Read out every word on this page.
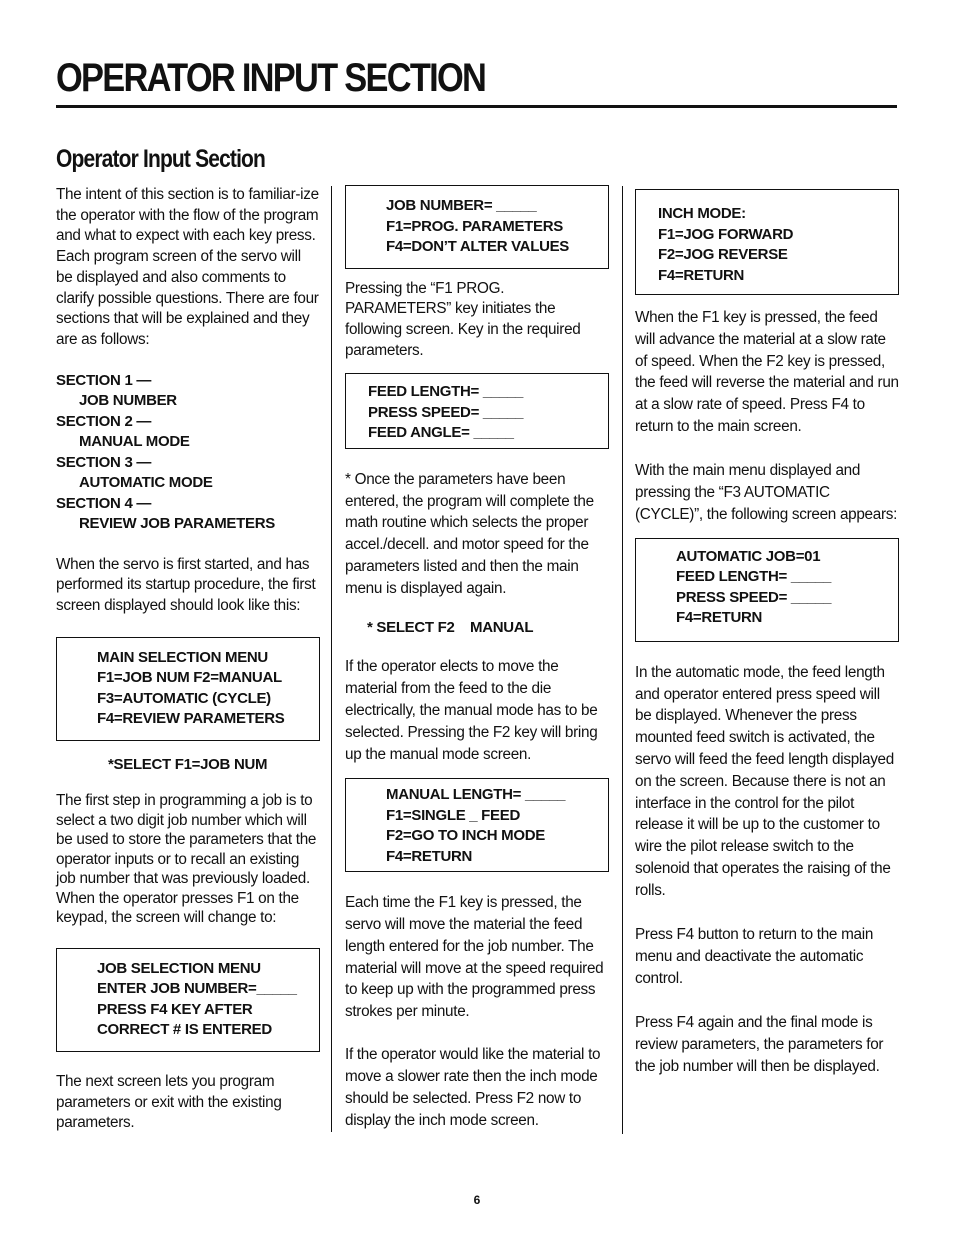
OPERATOR INPUT SECTION
Operator Input Section

The intent of this section is to familiar-ize the operator with the flow of the program and what to expect with each key press. Each program screen of the servo will be displayed and also comments to clarify possible questions. There are four sections that will be explained and they are as follows:

SECTION 1 —
JOB NUMBER
SECTION 2 —
MANUAL MODE
SECTION 3 —
AUTOMATIC MODE
SECTION 4 —
REVIEW JOB PARAMETERS

When the servo is first started, and has performed its startup procedure, the first screen displayed should look like this:

MAIN SELECTION MENU
F1=JOB NUM F2=MANUAL
F3=AUTOMATIC (CYCLE)
F4=REVIEW PARAMETERS
*SELECT F1=JOB NUM

The first step in programming a job is to select a two digit job number which will be used to store the parameters that the operator inputs or to recall an existing job number that was previously loaded. When the operator presses F1 on the keypad, the screen will change to:

JOB SELECTION MENU
ENTER JOB NUMBER=_____
PRESS F4 KEY AFTER
CORRECT # IS ENTERED

The next screen lets you program parameters or exit with the existing parameters.

JOB NUMBER= _____
F1=PROG. PARAMETERS
F4=DON’T ALTER VALUES

Pressing the “F1 PROG. PARAMETERS” key initiates the following screen. Key in the required parameters.

FEED LENGTH= _____
PRESS SPEED= _____
FEED ANGLE= _____

* Once the parameters have been entered, the program will complete the math routine which selects the proper accel./decell. and motor speed for the parameters listed and then the main menu is displayed again.

* SELECT F2    MANUAL

If the operator elects to move the material from the feed to the die electrically, the manual mode has to be selected. Pressing the F2 key will bring up the manual mode screen.

MANUAL LENGTH= _____
F1=SINGLE _ FEED
F2=GO TO INCH MODE
F4=RETURN

Each time the F1 key is pressed, the servo will move the material the feed length entered for the job number. The material will move at the speed required to keep up with the programmed press strokes per minute.

If the operator would like the material to move a slower rate then the inch mode should be selected. Press F2 now to display the inch mode screen.

INCH MODE:
F1=JOG FORWARD
F2=JOG REVERSE
F4=RETURN

When the F1 key is pressed, the feed will advance the material at a slow rate of speed. When the F2 key is pressed, the feed will reverse the material and run at a slow rate of speed. Press F4 to return to the main screen.

With the main menu displayed and pressing the “F3 AUTOMATIC (CYCLE)”, the following screen appears:

AUTOMATIC JOB=01
FEED LENGTH= _____
PRESS SPEED= _____
F4=RETURN

In the automatic mode, the feed length and operator entered press speed will be displayed. Whenever the press mounted feed switch is activated, the servo will feed the feed length displayed on the screen. Because there is not an interface in the control for the pilot release it will be up to the customer to wire the pilot release switch to the solenoid that operates the raising of the rolls.

Press F4 button to return to the main menu and deactivate the automatic control.

Press F4 again and the final mode is review parameters, the parameters for the job number will then be displayed.

6
